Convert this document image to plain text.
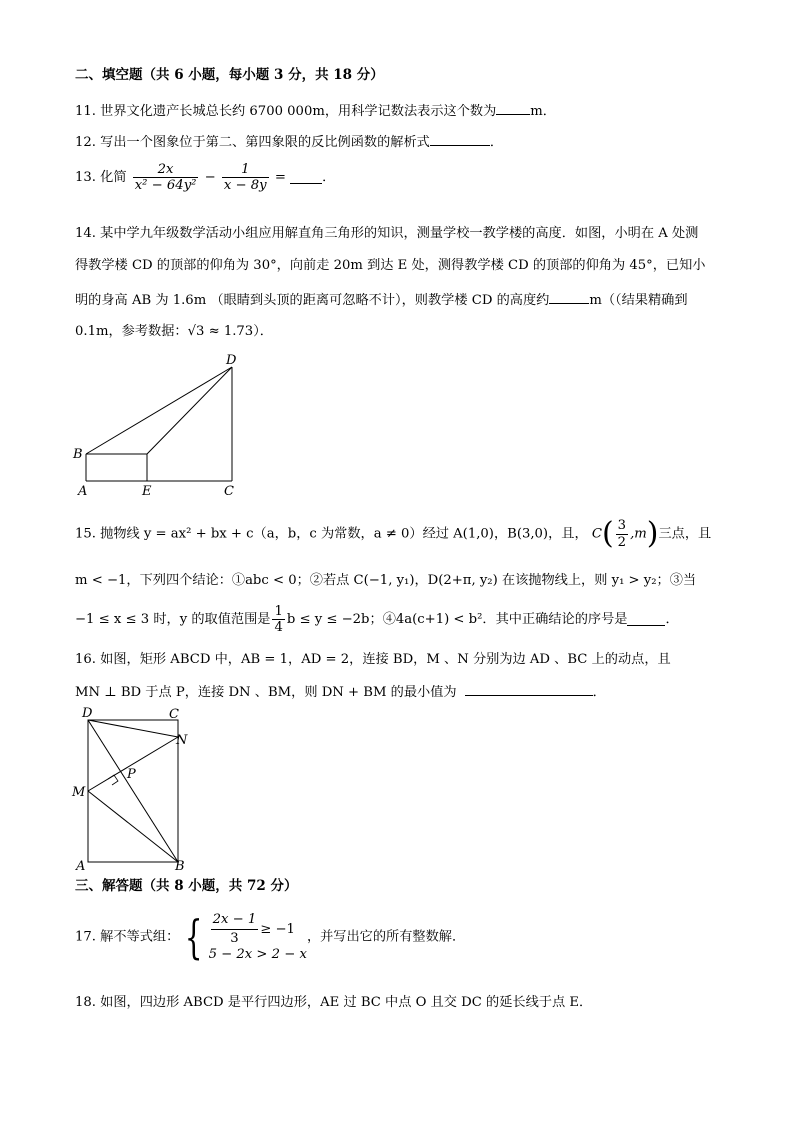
二、填空题（共 6 小题，每小题 3 分，共 18 分）
11. 世界文化遗产长城总长约 6700 000m，用科学记数法表示这个数为	m．
12. 写出一个图象位于第二、第四象限的反比例函数的解析式	．
13. 化简 $\frac{2x}{\text{x² − 64y²}} - \frac{1}{x - 8y}$ =	．
14. 某中学九年级数学活动小组应用解直角三角形的知识，测量学校一教学楼的高度．如图，小明在 A 处测
得教学楼 CD 的顶部的仰角为 30°，向前走 20m 到达 E 处，测得教学楼 CD 的顶部的仰角为 45°，已知小
明的身高 AB 为 1.6m （眼睛到头顶的距离可忽略不计），则教学楼 CD 的高度约	m（（结果精确到
0.1m，参考数据：√3 ≈ 1.73）．
D
B
A	E	C
15. 抛物线 y = ax² + bx + c（a，b，c 为常数，a ≠ 0）经过 A(1,0)，B(3,0)，且， $C( \frac{3}{2} ,m)$三点，且
m < −1，下列四个结论：①abc < 0；②若点 C(−1, y₁)，D(2+π, y₂) 在该抛物线上，则 y₁ > y₂；③当
−1 ≤ x ≤ 3 时，y 的取值范围是 $\frac{1}{4}$ b ≤ y ≤ −2b；④4a(c+1) < b²．其中正确结论的序号是	．
16. 如图，矩形 ABCD 中，AB = 1，AD = 2，连接 BD，M 、N 分别为边 AD 、BC 上的动点，且
MN ⊥ BD 于点 P，连接 DN 、BM，则 DN + BM 的最小值为	．
D	C
N
P
M
A	B
三、解答题（共 8 小题，共 72 分）
17. 解不等式组： { $\frac{2x - 1}{3} \ge -1$
5 − 2x > 2 − x
，并写出它的所有整数解．
18. 如图，四边形 ABCD 是平行四边形，AE 过 BC 中点 O 且交 DC 的延长线于点 E．
